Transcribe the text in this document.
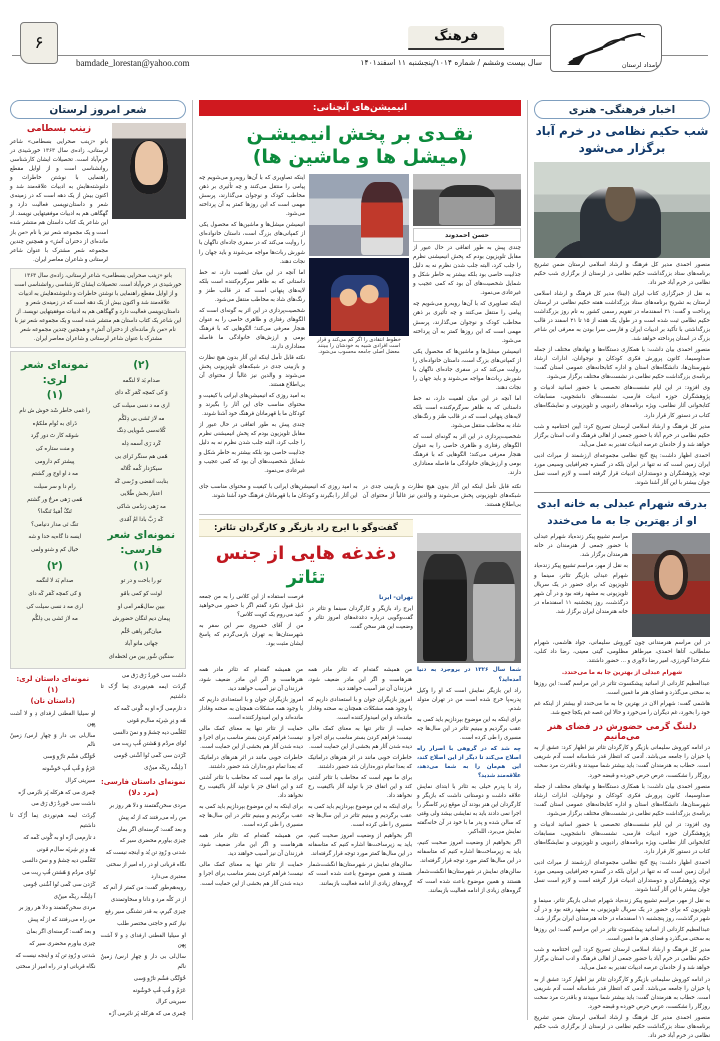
بامداد لرستان
سال بیست وششم / شماره ۱۰۱۴/پنجشنبه ۱۱ اسفند۱۴۰۱
فرهنگ
bamdade_lorestan@yahoo.com
۶
اخبار فرهنگی- هنری
شب حکیم نظامی در خرم آباد برگزار می‌شود

منصور احمدی مدیر کل فرهنگ و ارشاد اسلامی لرستان ضمن تشریح برنامه‌های ستاد بزرگداشت حکیم نظامی در لرستان از برگزاری شب حکیم نظامی در خرم آباد خبر داد.

به نقل از خبرگزاری کتاب ایران (ایبنا) مدیر کل فرهنگ و ارشاد اسلامی لرستان به تشریح برنامه‌های ستاد بزرگداشت هفته حکیم نظامی در لرستان پرداخت و گفت: ۲۱ اسفندماه در تقویم رسمی کشور به نام روز بزرگداشت حکیم نظامی ثبت شده است و در طول یک هفته از ۱۵ تا ۲۱ اسفند در قالب بزرگداشتی با تأکید بر ادبیات ایران و فارسی سرا بودن به معرفی این شاعر بزرگ در استان پرداخته خواهد شد.

منصور احمدی بیان داشت: با همکاری دستگاه‌ها و نهادهای مختلف از جمله صداوسیما، کانون پرورش فکری کودکان و نوجوانان، ادارات ارشاد شهرستان‌ها، دانشگاه‌های استان و اداره کتابخانه‌های عمومی استان گفت: برنامه‌ی بزرگداشت حکیم نظامی در نشست‌های مختلف برگزار می‌شود.

وی افزود: در این ایام نشست‌های تخصصی با حضور اساتید ادبیات و پژوهشگران حوزه ادبیات فارسی، نشست‌های دانشجویی، مسابقات کتابخوانی آثار نظامی، ویژه برنامه‌های رادیویی و تلویزیونی و نمایشگاه‌های کتاب در دستور کار قرار دارد.

مدیر کل فرهنگ و ارشاد اسلامی لرستان تصریح کرد: آیین اختتامیه و شب حکیم نظامی در خرم آباد با حضور جمعی از اهالی فرهنگ و ادب استان برگزار خواهد شد و از خادمان عرصه ادبیات تقدیر به عمل می‌آید.

احمدی اظهار داشت: پنج گنج نظامی مجموعه‌ای ارزشمند از میراث ادبی ایران زمین است که نه تنها در ایران بلکه در گستره جغرافیایی وسیعی مورد توجه پژوهشگران و دوستداران ادبیات قرار گرفته است و لازم است نسل جوان بیشتر با این آثار آشنا شوند.

بدرقه شهرام عبدلی به خانه ابدی
او از بهترین جا به ما می‌خندد

مراسم تشییع پیکر زنده‌یاد شهرام عبدلی با حضور جمعی از هنرمندان در خانه هنرمندان برگزار شد.

به نقل از مهر، مراسم تشییع پیکر زنده‌یاد شهرام عبدلی بازیگر تئاتر، سینما و تلویزیون که برای حضور در یک سریال تلویزیونی به مشهد رفته بود و در آن شهر درگذشت، روز پنجشنبه ۱۱ اسفندماه در خانه هنرمندان ایران برگزار شد.

در این مراسم هنرمندانی چون کوروش سلیمانی، جواد هاشمی، شهرام سلطانی، آتاها احمدی، میرطاهر مظلومی، گیتی معینی، رضا داد کنلی، شکرخدا گودرزی، امیر رضا دلاوری و … حضور داشتند.

شهرام عبدلی از بهترین جا به ما می‌خندد.

عبدالعظیم کاردانی از اساتید پیشکسوت تئاتر در این مراسم گفت: این روزها به سختی می‌گذرد و فضای هنر ما غمین است.

هاشمی گفت: شهرام الان در بهترین جا به ما می‌خندد او بیشتر از اینکه غم خود را بخورد، غم دیگران را می‌خورد و حالا این غصه غم یکجا جمع شد.

دلتنگ گرمی حضورش در فضای هنر می‌مانیم

در ادامه کوروش سلیمانی بازیگر و کارگردان تئاتر نیز اظهار کرد: عشق از به پا خیزان را جامعه می‌باشد. آدمی که انتظار قدر شناسانه است آدم شریفی است. خطاب به هنرمندان گفت: باید بیشتر شما سپیدند و باقدرت مرد سخت روزگار را نشکست، عرص حرص خورده و قبضه خورد.

منصور احمدی بیان داشت: با همکاری دستگاه‌ها و نهادهای مختلف از جمله صداوسیما، کانون پرورش فکری کودکان و نوجوانان، ادارات ارشاد شهرستان‌ها، دانشگاه‌های استان و اداره کتابخانه‌های عمومی استان گفت: برنامه‌ی بزرگداشت حکیم نظامی در نشست‌های مختلف برگزار می‌شود.

وی افزود: در این ایام نشست‌های تخصصی با حضور اساتید ادبیات و پژوهشگران حوزه ادبیات فارسی، نشست‌های دانشجویی، مسابقات کتابخوانی آثار نظامی، ویژه برنامه‌های رادیویی و تلویزیونی و نمایشگاه‌های کتاب در دستور کار قرار دارد.

احمدی اظهار داشت: پنج گنج نظامی مجموعه‌ای ارزشمند از میراث ادبی ایران زمین است که نه تنها در ایران بلکه در گستره جغرافیایی وسیعی مورد توجه پژوهشگران و دوستداران ادبیات قرار گرفته است و لازم است نسل جوان بیشتر با این آثار آشنا شوند.

به نقل از مهر، مراسم تشییع پیکر زنده‌یاد شهرام عبدلی بازیگر تئاتر، سینما و تلویزیون که برای حضور در یک سریال تلویزیونی به مشهد رفته بود و در آن شهر درگذشت، روز پنجشنبه ۱۱ اسفندماه در خانه هنرمندان ایران برگزار شد.

عبدالعظیم کاردانی از اساتید پیشکسوت تئاتر در این مراسم گفت: این روزها به سختی می‌گذرد و فضای هنر ما غمین است.

مدیر کل فرهنگ و ارشاد اسلامی لرستان تصریح کرد: آیین اختتامیه و شب حکیم نظامی در خرم آباد با حضور جمعی از اهالی فرهنگ و ادب استان برگزار خواهد شد و از خادمان عرصه ادبیات تقدیر به عمل می‌آید.

در ادامه کوروش سلیمانی بازیگر و کارگردان تئاتر نیز اظهار کرد: عشق از به پا خیزان را جامعه می‌باشد. آدمی که انتظار قدر شناسانه است آدم شریفی است. خطاب به هنرمندان گفت: باید بیشتر شما سپیدند و باقدرت مرد سخت روزگار را نشکست، عرص حرص خورده و قبضه خورد.

منصور احمدی مدیر کل فرهنگ و ارشاد اسلامی لرستان ضمن تشریح برنامه‌های ستاد بزرگداشت حکیم نظامی در لرستان از برگزاری شب حکیم نظامی در خرم آباد خبر داد.

انیمیشن‌های آنچنانی:
نقـدی بر پخش انیمیشـن
(میشل ها و ماشین ها)
حسن احمدوند

چندی پیش به طور اتفاقی در حال عبور از مقابل تلویزیون بودم که پخش انیمیشنی نظرم را جلب کرد، البته جلب شدن نظرم نه به دلیل جذابیت خاصی بود بلکه بیشتر به خاطر شکل و شمایل شخصیت‌های آن بود که کمی عجیب و غیرعادی می‌نمود.

اینکه تصاویری که با آن‌ها روبه‌رو می‌شویم چه پیامی را منتقل می‌کنند و چه تأثیری بر ذهن مخاطب کودک و نوجوان می‌گذارند، پرسش مهمی است که این روزها کمتر به آن پرداخته می‌شود.

انیمیشن میشل‌ها و ماشین‌ها که محصول یکی از کمپانی‌های بزرگ است، داستان خانواده‌ای را روایت می‌کند که در سفری جاده‌ای ناگهان با شورش ربات‌ها مواجه می‌شوند و باید جهان را نجات دهند.

اما آنچه در این میان اهمیت دارد، نه خط داستانی که به ظاهر سرگرم‌کننده است بلکه لایه‌های پنهانی است که در قالب طنز و رنگ‌های شاد به مخاطب منتقل می‌شود.

شخصیت‌پردازی در این اثر به گونه‌ای است که الگوهای رفتاری و ظاهری خاصی را به عنوان هنجار معرفی می‌کند؛ الگوهایی که با فرهنگ بومی و ارزش‌های خانوادگی ما فاصله معناداری دارند.

خطوط انتقادی را اگر کم می‌کند و قرار است افرادی شبیه به خودشان را ببینند معضل اصلی جامعه محسوب می‌شود.

اینکه تصاویری که با آن‌ها روبه‌رو می‌شویم چه پیامی را منتقل می‌کنند و چه تأثیری بر ذهن مخاطب کودک و نوجوان می‌گذارند، پرسش مهمی است که این روزها کمتر به آن پرداخته می‌شود.

انیمیشن میشل‌ها و ماشین‌ها که محصول یکی از کمپانی‌های بزرگ است، داستان خانواده‌ای را روایت می‌کند که در سفری جاده‌ای ناگهان با شورش ربات‌ها مواجه می‌شوند و باید جهان را نجات دهند.

اما آنچه در این میان اهمیت دارد، نه خط داستانی که به ظاهر سرگرم‌کننده است بلکه لایه‌های پنهانی است که در قالب طنز و رنگ‌های شاد به مخاطب منتقل می‌شود.

شخصیت‌پردازی در این اثر به گونه‌ای است که الگوهای رفتاری و ظاهری خاصی را به عنوان هنجار معرفی می‌کند؛ الگوهایی که با فرهنگ بومی و ارزش‌های خانوادگی ما فاصله معناداری دارند.

نکته قابل تأمل اینکه این آثار بدون هیچ نظارت و بازبینی جدی در شبکه‌های تلویزیونی پخش می‌شوند و والدین نیز غالباً از محتوای آن بی‌اطلاع هستند.

به امید روزی که انیمیشن‌های ایرانی با کیفیت و محتوای مناسب جای این آثار را بگیرند و کودکان ما با قهرمانان فرهنگ خود آشنا شوند.

چندی پیش به طور اتفاقی در حال عبور از مقابل تلویزیون بودم که پخش انیمیشنی نظرم را جلب کرد، البته جلب شدن نظرم نه به دلیل جذابیت خاصی بود بلکه بیشتر به خاطر شکل و شمایل شخصیت‌های آن بود که کمی عجیب و غیرعادی می‌نمود.

نکته قابل تأمل اینکه این آثار بدون هیچ نظارت و بازبینی جدی در شبکه‌های تلویزیونی پخش می‌شوند و والدین نیز غالباً از محتوای آن بی‌اطلاع هستند.

به امید روزی که انیمیشن‌های ایرانی با کیفیت و محتوای مناسب جای این آثار را بگیرند و کودکان ما با قهرمانان فرهنگ خود آشنا شوند.

گفت‌وگو با ایرج راد بازیگر و کارگردان تئاتر:
دغدغه هایی از جنس تئاتر

تهران- ایرنا

ایرج راد بازیگر و کارگردان سینما و تئاتر در گفت‌وگویی درباره دغدغه‌های امروز تئاتر و وضعیت این هنر سخن گفت.

فرصت استفاده از این کلاس را به من جمعه ذیل قبول نکرد گفتم اگر با حضور می‌خواهید کنید می‌روم یک کویت کلاس؟

من از آقای خسروی سر این سفر به شهرستان‌ها به تهران بازمی‌گردم که پاسخ ایشان مثبت بود.

شما سال ۱۳۲۶ در بروجرد به دنیا آمده‌اید؟

راد این بازیگر نمایش است که او را وکیل پدربه‌پا خرج شده است من در تهران متولد شدم.

برای اینکه به این موضوع بپردازیم باید کمی به عقب برگردیم و ببینیم تئاتر در این سال‌ها چه مسیری را طی کرده است.

چه شد که در گروهی با اصرار راه اصلاح می‌کند تا دیگر از این اصلاح کند، این هم‌مان را به شما می‌دهد، علاقه‌مند شدید؟

راد با پدرم خیلی به تئاتر با ابتدای نمایش علاقه داشت و دوستانی داشت که بازیگر و کارگردان این هنر بودند آن موقع زیر کاسگر را اجرا نمی دادند باید به نمایشی بیشد ولی وقتی که سالن شده و پدر ما با خود در آن خانه‌گفته نمایش می‌برد، الله‌اکبر.

اگر بخواهیم از وضعیت امروز صحبت کنیم، باید به زیرساخت‌ها اشاره کنیم که متاسفانه در این سال‌ها کمتر مورد توجه قرار گرفته‌اند.

سالن‌های نمایش در شهرستان‌ها انگشت‌شمار هستند و همین موضوع باعث شده است که گروه‌های زیادی از ادامه فعالیت بازبمانند.

من همیشه گفته‌ام که تئاتر مادر همه هنرهاست و اگر این مادر ضعیف شود، فرزندان آن نیز آسیب خواهند دید.

امروز بازیگران جوان و با استعدادی داریم که با وجود همه مشکلات همچنان به صحنه وفادار مانده‌اند و این امیدوارکننده است.

حمایت از تئاتر تنها به معنای کمک مالی نیست؛ فراهم کردن بستر مناسب برای اجرا و دیده شدن آثار هم بخشی از این حمایت است.

خاطرات خوبی مانند در اثر هنرهای دراماتیک که بعدا تمام دوره‌داران شد حضور داشتند.

برای ما مهم است که مخاطب با تئاتر آشتی کند و این اتفاق جز با تولید آثار باکیفیت رخ نخواهد داد.

برای اینکه به این موضوع بپردازیم باید کمی به عقب برگردیم و ببینیم تئاتر در این سال‌ها چه مسیری را طی کرده است.

اگر بخواهیم از وضعیت امروز صحبت کنیم، باید به زیرساخت‌ها اشاره کنیم که متاسفانه در این سال‌ها کمتر مورد توجه قرار گرفته‌اند.

سالن‌های نمایش در شهرستان‌ها انگشت‌شمار هستند و همین موضوع باعث شده است که گروه‌های زیادی از ادامه فعالیت بازبمانند.

من همیشه گفته‌ام که تئاتر مادر همه هنرهاست و اگر این مادر ضعیف شود، فرزندان آن نیز آسیب خواهند دید.

امروز بازیگران جوان و با استعدادی داریم که با وجود همه مشکلات همچنان به صحنه وفادار مانده‌اند و این امیدوارکننده است.

حمایت از تئاتر تنها به معنای کمک مالی نیست؛ فراهم کردن بستر مناسب برای اجرا و دیده شدن آثار هم بخشی از این حمایت است.

خاطرات خوبی مانند در اثر هنرهای دراماتیک که بعدا تمام دوره‌داران شد حضور داشتند.

برای ما مهم است که مخاطب با تئاتر آشتی کند و این اتفاق جز با تولید آثار باکیفیت رخ نخواهد داد.

برای اینکه به این موضوع بپردازیم باید کمی به عقب برگردیم و ببینیم تئاتر در این سال‌ها چه مسیری را طی کرده است.

من همیشه گفته‌ام که تئاتر مادر همه هنرهاست و اگر این مادر ضعیف شود، فرزندان آن نیز آسیب خواهند دید.

حمایت از تئاتر تنها به معنای کمک مالی نیست؛ فراهم کردن بستر مناسب برای اجرا و دیده شدن آثار هم بخشی از این حمایت است.

شعر امروز لرستان
زینب بسطامی
بانو «زینب صحرایی بسطامی» شاعر لرستانی، زاده‌ی سال ۱۳۶۳ خورشیدی در خرم‌آباد است. تحصیلات ایشان کارشناسی روانشناسی است و از اوایل مقطع راهنمایی با نوشتن خاطرات و دلنوشته‌هایش به ادبیات علاقه‌مند شد و اکنون بیش از یک دهه است که در زمینه‌ی شعر و داستان‌نویسی فعالیت دارد و گهگاهی هم به ادبیات موفقیتهایی نویسد. از این شاعر یک کتاب داستان هم منتشر شده است و یک مجموعه شعر نیز با نام «من باز مانده‌ای از دختران آتش» و همچنین چندین مجموعه شعر مشترک با عنوان شاعر لرستانی و شاعران معاصر ایران.
بانو «زینب صحرایی بسطامی» شاعر لرستانی، زاده‌ی سال ۱۳۶۳ خورشیدی در خرم‌آباد است. تحصیلات ایشان کارشناسی روانشناسی است و از اوایل مقطع راهنمایی با نوشتن خاطرات و دلنوشته‌هایش به ادبیات علاقه‌مند شد و اکنون بیش از یک دهه است که در زمینه‌ی شعر و داستان‌نویسی فعالیت دارد و گهگاهی هم به ادبیات موفقیتهایی نویسد. از این شاعر یک کتاب داستان هم منتشر شده است و یک مجموعه شعر نیز با نام «من باز مانده‌ای از دختران آتش» و همچنین چندین مجموعه شعر مشترک با عنوان شاعر لرستانی و شاعران معاصر ایران.
(۲)

صدام بَد لا لنگمه

وَ کی کمچه کَمَر کَه دای

اری مه د نسی سیلت کی

مه لاز تَشی بی دِلگُم

کُلانه‌سی شُویایی دِنگ

کَرد رَی آسمه دِله

هَمی هم سنگر تَرای بی

سیکرَ‌دار کُمه کُلاله

بنابت انقضی و رُسی کَه

اعتبار بخش طُلایی

مه رَهی زندُمی شاکی

کَه رَبَّ بادا امُ آمُدی

نمونه‌ای شعر فارسی:
(۱)

تو را باخت و در تو

لوئت کو کمی بامُو

بیین سال‌هُمر امی او

پیمان دیم لنگان حضورش

میان‌گیر پاهی خُلُم

جهانی مانو آباد

سنگین شُور بین من لحظه‌ای

نمونه‌ای شعر لری:
(۱)

را غمی خاطر شَد خوش ش نام

دَرای به نُوام ملکمُ‌ه

شومُه کار تَ دور گِرد

و منت ستاره کی

پیشتر کم دارومی

مه د او اوج ور گشتم

رامِ دا و سر سیلت

هَمی رَهی مرجُ ور گشتم

تَنگُ اُمَیدُ تَنگه‌ا؟

تنگ ئی مدار دنیامی؟

ایسه دا گاه‌یه خدا و شه

خیال کم و شنو ولمی

(۲)

صدام بَد لا لنگمه

وَ کی کمچه کَمَر کَه دای

اری مه د نسی سیلت کی

مه لاز تَشی بی دِلگُم

داشت سی خَوردُ رَق رَق می

گِردَت ایمه هم‌نوردی نِما اُرُک تا داشتیم

د تارم‌می آزَه او به گُونی کَمه که

هَه و نِرِ شِریَه سال‌م مُونی

تَنَعُلُمی دیه چشمُ و و نسَ دالسی

نُوای مردُم وَ هَشتن قُپ رِیت می

کَرَدن سی کَمی نُوا اَشُنی جُومی

آ دِلِشَّه ریکَه مینُ‌ی

نمونه‌ای داستان فارسی:
(مرد دلا)

مردی سخن‌گفتمند و دلا هر روز بر

من راه می‌رفتند که از نُه پیش

و بعد گفت: گرسنه‌ای اگر بمان

چیزی بیاورم محضری سیر که

شدنی و رُودِ تن بُد و اینجه نیست که

نگاه قربانی او در راه امیر از سختی

معتبری می‌دارد

روبه‌هم‌طور گفت: من کمتر از آنم که

از درِ کلّه مرد و دانا و سخاوتمندی

چیزی گیرم، به قدر تشنگی سیر رفع

نیاز کنم و حاجتی مختصر طلب

او سیلیا الفطنی ارفدای دِ و لا آشت پِهن

سال‌لی بی دار وَ چهارِ ارس/ زمینُ نانُم

خُوَلَگی فشُم تارُو وَسی

عَرَمُ و قُپ قُپ خَوشُونه

سیرینی کرال

چَمری می که هرکله پَر نابَرمی آزَه

نمونه‌ای داستان لری:
(۱)
(داستان نان)

او سیلیا الفطنی ارفدای دِ و لا آشت پِهن

سال‌لی بی دار وَ چهارِ ارس/ زمینُ نانُم

خُوَلَگی فشُم تارُو وَسی

عَرَمُ و قُپ قُپ خَوشُونه

سیرینی کرال

چَمری می که هرکله پَر نابَرمی آزَه

داشت سی خَوردُ رَق رَق می

گِردَت ایمه هم‌نوردی نِما اُرُک تا داشتیم

د تارم‌می آزَه او به گُونی کَمه که

هَه و نِرِ شِریَه سال‌م مُونی

تَنَعُلُمی دیه چشمُ و و نسَ دالسی

نُوای مردُم وَ هَشتن قُپ رِیت می

کَرَدن سی کَمی نُوا اَشُنی جُومی

آ دِلِشَّه ریکَه مینُ‌ی

مردی سخن‌گفتمند و دلا هر روز بر

من راه می‌رفتند که از نُه پیش

و بعد گفت: گرسنه‌ای اگر بمان

چیزی بیاورم محضری سیر که

شدنی و رُودِ تن بُد و اینجه نیست که

نگاه قربانی او در راه امیر از سختی
